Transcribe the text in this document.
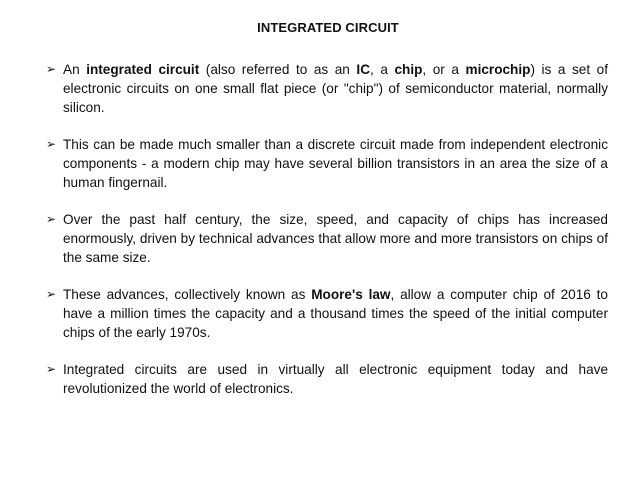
INTEGRATED CIRCUIT
➢ An integrated circuit (also referred to as an IC, a chip, or a microchip) is a set of electronic circuits on one small flat piece (or "chip") of semiconductor material, normally silicon.
➢ This can be made much smaller than a discrete circuit made from independent electronic components - a modern chip may have several billion transistors in an area the size of a human fingernail.
➢ Over the past half century, the size, speed, and capacity of chips has increased enormously, driven by technical advances that allow more and more transistors on chips of the same size.
➢ These advances, collectively known as Moore's law, allow a computer chip of 2016 to have a million times the capacity and a thousand times the speed of the initial computer chips of the early 1970s.
➢ Integrated circuits are used in virtually all electronic equipment today and have revolutionized the world of electronics.
